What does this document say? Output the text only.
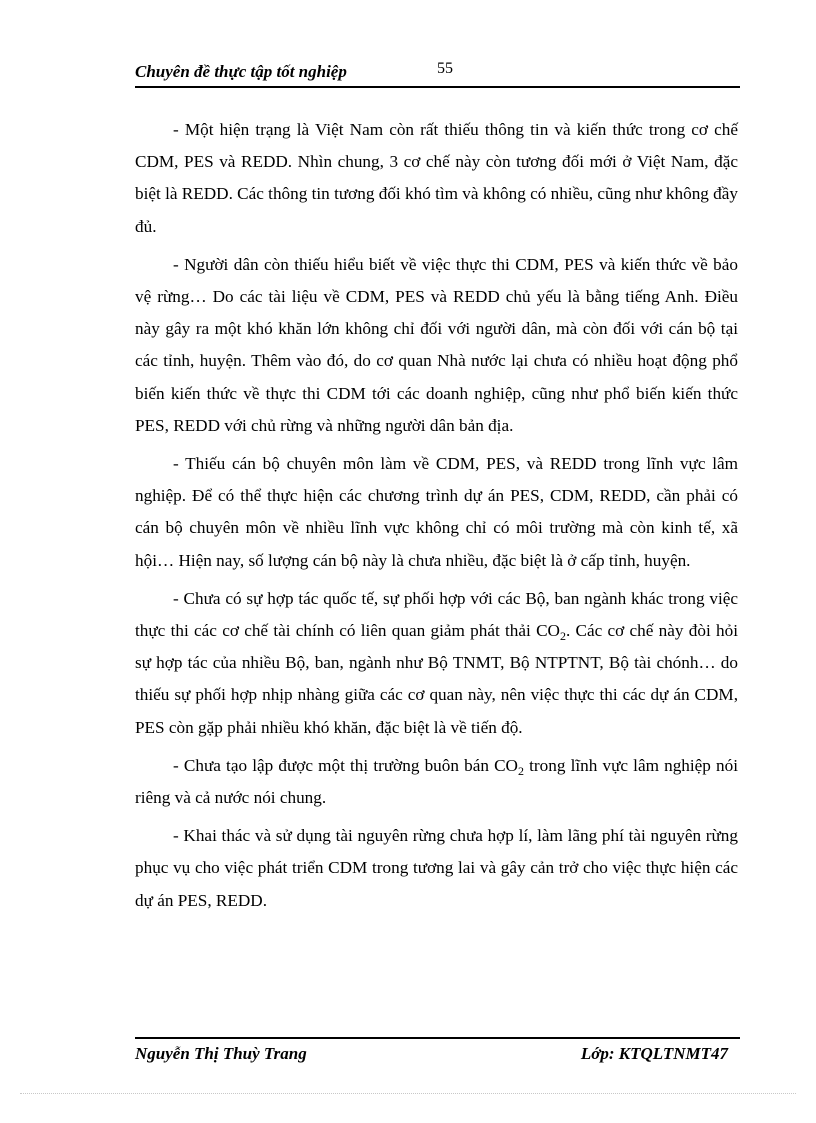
Chuyên đề thực tập tốt nghiệp	55

- Một hiện trạng là Việt Nam còn rất thiếu thông tin và kiến thức trong cơ chế CDM, PES và REDD. Nhìn chung, 3 cơ chế này còn tương đối mới ở Việt Nam, đặc biệt là REDD. Các thông tin tương đối khó tìm và không có nhiều, cũng như không đầy đủ.

- Người dân còn thiếu hiểu biết về việc thực thi CDM, PES và kiến thức về bảo vệ rừng… Do các tài liệu về CDM, PES và REDD chủ yếu là bằng tiếng Anh. Điều này gây ra một khó khăn lớn không chỉ đối với người dân, mà còn đối với cán bộ tại các tỉnh, huyện. Thêm vào đó, do cơ quan Nhà nước lại chưa có nhiều hoạt động phổ biến kiến thức về thực thi CDM tới các doanh nghiệp, cũng như phổ biến kiến thức PES, REDD với chủ rừng và những người dân bản địa.

- Thiếu cán bộ chuyên môn làm về CDM, PES, và REDD trong lĩnh vực lâm nghiệp. Để có thể thực hiện các chương trình dự án PES, CDM, REDD, cần phải có cán bộ chuyên môn về nhiều lĩnh vực không chỉ có môi trường mà còn kinh tế, xã hội… Hiện nay, số lượng cán bộ này là chưa nhiều, đặc biệt là ở cấp tỉnh, huyện.

- Chưa có sự hợp tác quốc tế, sự phối hợp với các Bộ, ban ngành khác trong việc thực thi các cơ chế tài chính có liên quan giảm phát thải $CO_2$. Các cơ chế này đòi hỏi sự hợp tác của nhiều Bộ, ban, ngành như Bộ TNMT, Bộ NTPTNT, Bộ tài chónh… do thiếu sự phối hợp nhịp nhàng giữa các cơ quan này, nên việc thực thi các dự án CDM, PES còn gặp phải nhiều khó khăn, đặc biệt là về tiến độ.

- Chưa tạo lập được một thị trường buôn bán $CO_2$ trong lĩnh vực lâm nghiệp nói riêng và cả nước nói chung.

- Khai thác và sử dụng tài nguyên rừng chưa hợp lí, làm lãng phí tài nguyên rừng phục vụ cho việc phát triển CDM trong tương lai và gây cản trở cho việc thực hiện các dự án PES, REDD.

Nguyễn Thị Thuỳ Trang	Lớp: KTQLTNMT47
